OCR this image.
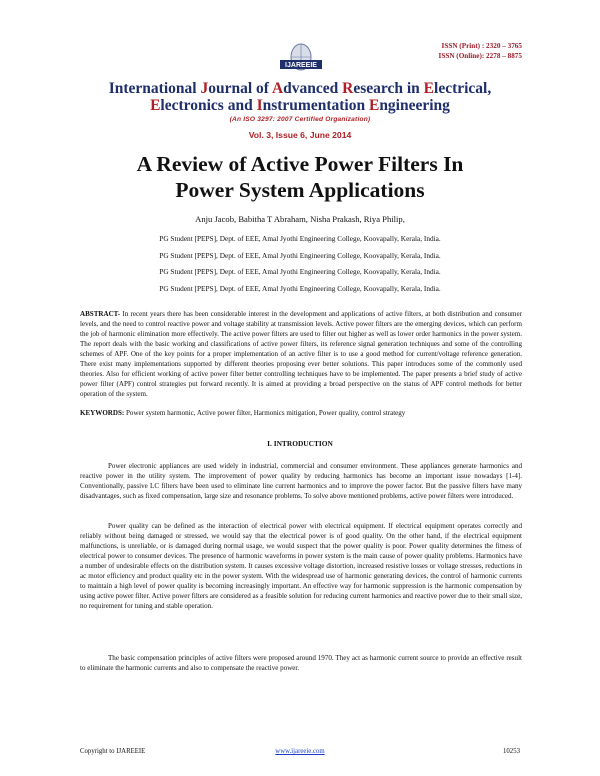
IJAREEIE
ISSN (Print) : 2320 – 3765
ISSN (Online): 2278 – 8875
International Journal of Advanced Research in Electrical,
Electronics and Instrumentation Engineering
(An ISO 3297: 2007 Certified Organization)
Vol. 3, Issue 6, June 2014
A Review of Active Power Filters In
Power System Applications
Anju Jacob, Babitha T Abraham, Nisha Prakash, Riya Philip,
PG Student [PEPS], Dept. of EEE, Amal Jyothi Engineering College, Koovapally, Kerala, India.
PG Student [PEPS], Dept. of EEE, Amal Jyothi Engineering College, Koovapally, Kerala, India.
PG Student [PEPS], Dept. of EEE, Amal Jyothi Engineering College, Koovapally, Kerala, India.
PG Student [PEPS], Dept. of EEE, Amal Jyothi Engineering College, Koovapally, Kerala, India.
ABSTRACT- In recent years there has been considerable interest in the development and applications of active filters, at both distribution and consumer levels, and the need to control reactive power and voltage stability at transmission levels. Active power filters are the emerging devices, which can perform the job of harmonic elimination more effectively. The active power filters are used to filter out higher as well as lower order harmonics in the power system. The report deals with the basic working and classifications of active power filters, its reference signal generation techniques and some of the controlling schemes of APF. One of the key points for a proper implementation of an active filter is to use a good method for current/voltage reference generation. There exist many implementations supported by different theories proposing ever better solutions. This paper introduces some of the commonly used theories. Also for efficient working of active power filter better controlling techniques have to be implemented. The paper presents a brief study of active power filter (APF) control strategies put forward recently. It is aimed at providing a broad perspective on the status of APF control methods for better operation of the system.
KEYWORDS: Power system harmonic, Active power filter, Harmonics mitigation, Power quality, control strategy
I. INTRODUCTION
Power electronic appliances are used widely in industrial, commercial and consumer environment. These appliances generate harmonics and reactive power in the utility system. The improvement of power quality by reducing harmonics has become an important issue nowadays [1-4]. Conventionally, passive LC filters have been used to eliminate line current harmonics and to improve the power factor. But the passive filters have many disadvantages, such as fixed compensation, large size and resonance problems. To solve above mentioned problems, active power filters were introduced.
Power quality can be defined as the interaction of electrical power with electrical equipment. If electrical equipment operates correctly and reliably without being damaged or stressed, we would say that the electrical power is of good quality. On the other hand, if the electrical equipment malfunctions, is unreliable, or is damaged during normal usage, we would suspect that the power quality is poor. Power quality determines the fitness of electrical power to consumer devices. The presence of harmonic waveforms in power system is the main cause of power quality problems. Harmonics have a number of undesirable effects on the distribution system. It causes excessive voltage distortion, increased resistive losses or voltage stresses, reductions in ac motor efficiency and product quality etc in the power system. With the widespread use of harmonic generating devices, the control of harmonic currents to maintain a high level of power quality is becoming increasingly important. An effective way for harmonic suppression is the harmonic compensation by using active power filter. Active power filters are considered as a feasible solution for reducing current harmonics and reactive power due to their small size, no requirement for tuning and stable operation.
The basic compensation principles of active filters were proposed around 1970. They act as harmonic current source to provide an effective result to eliminate the harmonic currents and also to compensate the reactive power.
Copyright to IJAREEIE	www.ijareeie.com	10253
